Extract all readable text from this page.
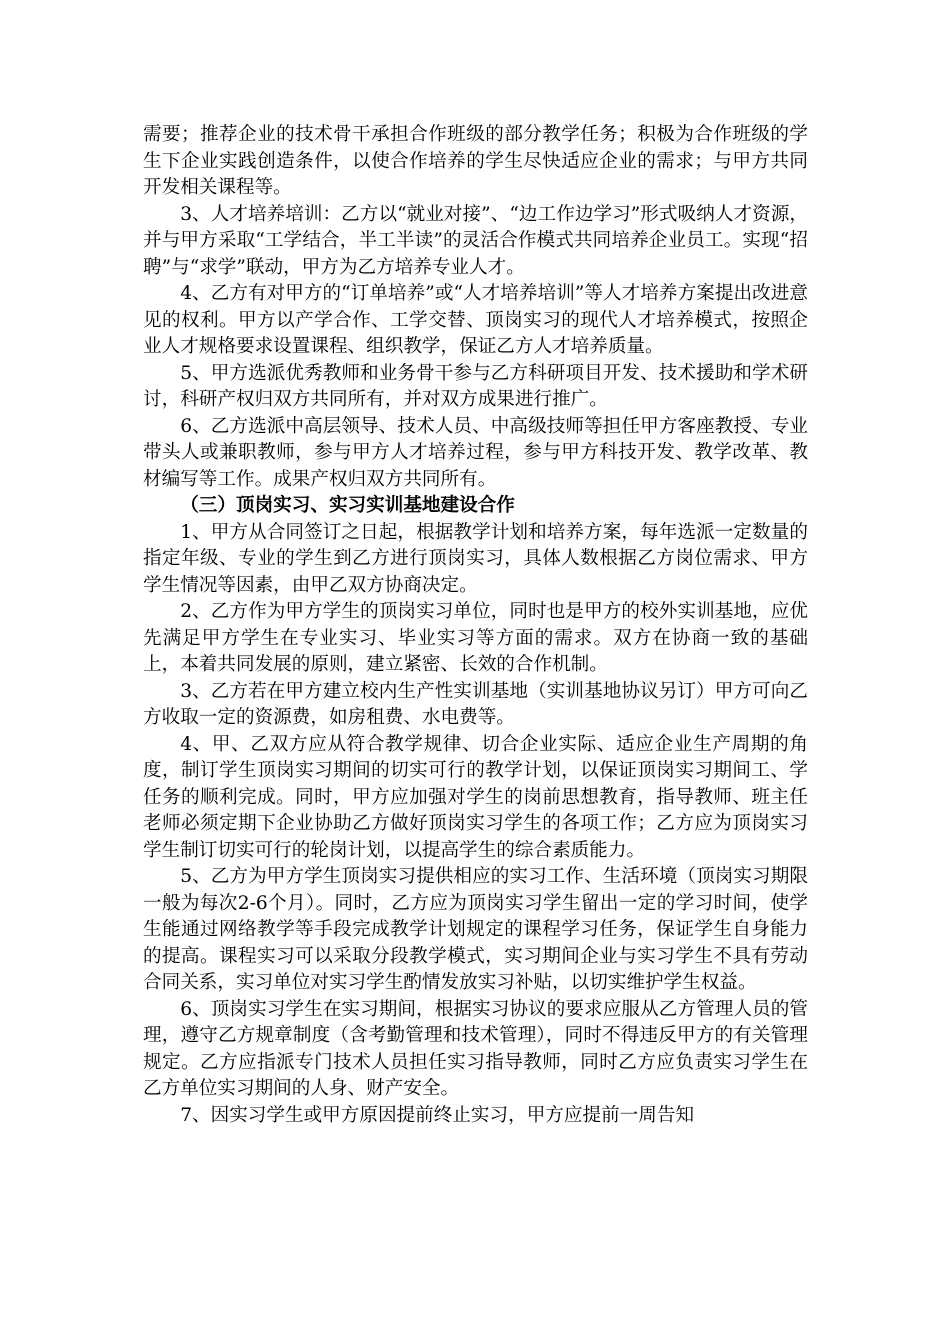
需要；推荐企业的技术骨干承担合作班级的部分教学任务；积极为合作班级的学生下企业实践创造条件，以使合作培养的学生尽快适应企业的需求；与甲方共同开发相关课程等。

3、人才培养培训：乙方以“就业对接”、“边工作边学习”形式吸纳人才资源，并与甲方采取“工学结合，半工半读”的灵活合作模式共同培养企业员工。实现“招聘”与“求学”联动，甲方为乙方培养专业人才。

4、乙方有对甲方的“订单培养”或“人才培养培训”等人才培养方案提出改进意见的权利。甲方以产学合作、工学交替、顶岗实习的现代人才培养模式，按照企业人才规格要求设置课程、组织教学，保证乙方人才培养质量。

5、甲方选派优秀教师和业务骨干参与乙方科研项目开发、技术援助和学术研讨，科研产权归双方共同所有，并对双方成果进行推广。

6、乙方选派中高层领导、技术人员、中高级技师等担任甲方客座教授、专业带头人或兼职教师，参与甲方人才培养过程，参与甲方科技开发、教学改革、教材编写等工作。成果产权归双方共同所有。

（三）顶岗实习、实习实训基地建设合作

1、甲方从合同签订之日起，根据教学计划和培养方案，每年选派一定数量的指定年级、专业的学生到乙方进行顶岗实习，具体人数根据乙方岗位需求、甲方学生情况等因素，由甲乙双方协商决定。

2、乙方作为甲方学生的顶岗实习单位，同时也是甲方的校外实训基地，应优先满足甲方学生在专业实习、毕业实习等方面的需求。双方在协商一致的基础上，本着共同发展的原则，建立紧密、长效的合作机制。

3、乙方若在甲方建立校内生产性实训基地（实训基地协议另订）甲方可向乙方收取一定的资源费，如房租费、水电费等。

4、甲、乙双方应从符合教学规律、切合企业实际、适应企业生产周期的角度，制订学生顶岗实习期间的切实可行的教学计划，以保证顶岗实习期间工、学任务的顺利完成。同时，甲方应加强对学生的岗前思想教育，指导教师、班主任老师必须定期下企业协助乙方做好顶岗实习学生的各项工作；乙方应为顶岗实习学生制订切实可行的轮岗计划，以提高学生的综合素质能力。

5、乙方为甲方学生顶岗实习提供相应的实习工作、生活环境（顶岗实习期限一般为每次2-6个月）。同时，乙方应为顶岗实习学生留出一定的学习时间，使学生能通过网络教学等手段完成教学计划规定的课程学习任务，保证学生自身能力的提高。课程实习可以采取分段教学模式，实习期间企业与实习学生不具有劳动合同关系，实习单位对实习学生酌情发放实习补贴，以切实维护学生权益。

6、顶岗实习学生在实习期间，根据实习协议的要求应服从乙方管理人员的管理，遵守乙方规章制度（含考勤管理和技术管理），同时不得违反甲方的有关管理规定。乙方应指派专门技术人员担任实习指导教师，同时乙方应负责实习学生在乙方单位实习期间的人身、财产安全。

7、因实习学生或甲方原因提前终止实习，甲方应提前一周告知
